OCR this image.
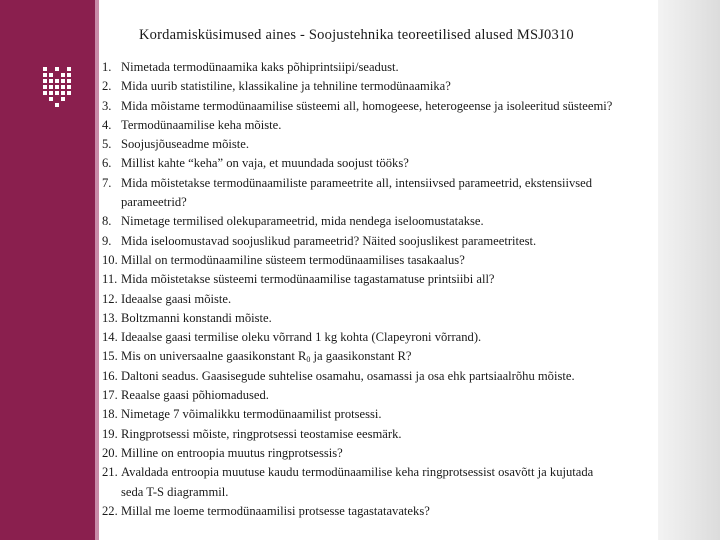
Kordamisküsimused aines - Soojustehnika teoreetilised alused MSJ0310
1. Nimetada termodünaamika kaks põhiprintsiipi/seadust.
2. Mida uurib statistiline, klassikaline ja tehniline termodünaamika?
3. Mida mõistame termodünaamilise süsteemi all, homogeese, heterogeense ja isoleeritud süsteemi?
4. Termodünaamilise keha mõiste.
5. Soojusjõuseadme mõiste.
6. Millist kahte “keha” on vaja, et muundada soojust tööks?
7. Mida mõistetakse termodünaamiliste parameetrite all, intensiivsed parameetrid, ekstensiivsed
parameetrid?
8. Nimetage termilised olekuparameetrid, mida nendega iseloomustatakse.
9. Mida iseloomustavad soojuslikud parameetrid? Näited soojuslikest parameetritest.
10. Millal on termodünaamiline süsteem termodünaamilises tasakaalus?
11. Mida mõistetakse süsteemi termodünaamilise tagastamatuse printsiibi all?
12. Ideaalse gaasi mõiste.
13. Boltzmanni konstandi mõiste.
14. Ideaalse gaasi termilise oleku võrrand 1 kg kohta (Clapeyroni võrrand).
15. Mis on universaalne gaasikonstant $R_0$ ja gaasikonstant R?
16. Daltoni seadus. Gaasisegude suhtelise osamahu, osamassi ja osa ehk partsiaalrõhu mõiste.
17. Reaalse gaasi põhiomadused.
18. Nimetage 7 võimalikku termodünaamilist protsessi.
19. Ringprotsessi mõiste, ringprotsessi teostamise eesmärk.
20. Milline on entroopia muutus ringprotsessis?
21. Avaldada entroopia muutuse kaudu termodünaamilise keha ringprotsessist osavõtt ja kujutada
seda T-S diagrammil.
22. Millal me loeme termodünaamilisi protsesse tagastatavateks?
